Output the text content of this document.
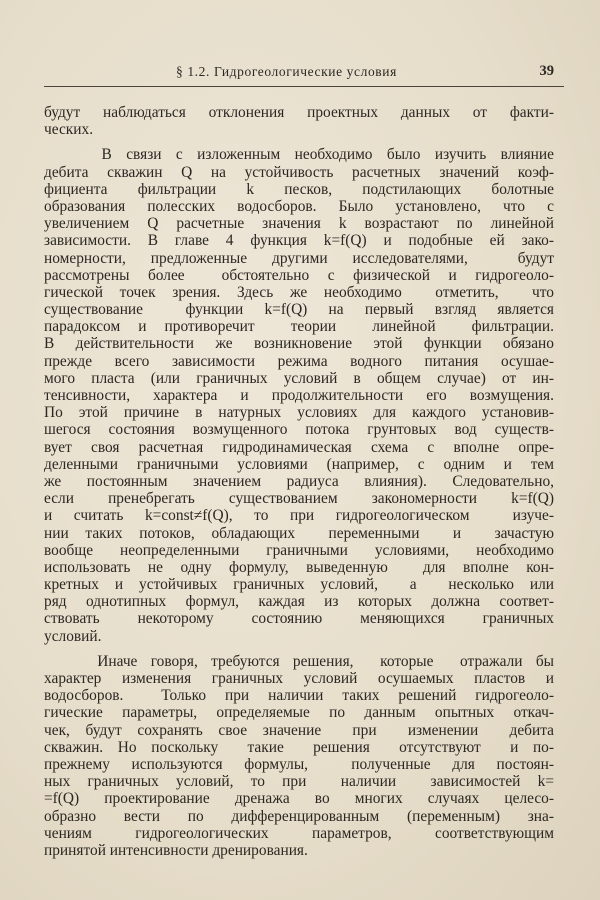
§ 1.2. Гидрогеологические условия	39
будут наблюдаться отклонения проектных данных от факти-
ческих.
В связи с изложенным необходимо было изучить влияние
дебита скважин Q на устойчивость расчетных значений коэф-
фициента  фильтрации  k  песков,  подстилающих  болотные
образования полесских водосборов. Было установлено, что с
увеличением Q расчетные значения k возрастают по линейной
зависимости. В главе 4 функция k=f(Q) и подобные ей зако-
номерности, предложенные другими исследователями,  будут
рассмотрены более  обстоятельно с физической и гидрогеоло-
гической точек зрения. Здесь же необходимо  отметить,  что
существование  функции k=f(Q) на первый взгляд является
парадоксом и противоречит  теории  линейной  фильтрации.
В действительности же возникновение этой функции обязано
прежде всего зависимости режима водного питания осушае-
мого пласта (или граничных условий в общем случае) от ин-
тенсивности, характера и продолжительности его возмущения.
По этой причине в натурных условиях для каждого установив-
шегося состояния возмущенного потока грунтовых вод существ-
вует своя расчетная гидродинамическая схема с вполне опре-
деленными граничными условиями (например, с одним и тем
же постоянным значением радиуса влияния). Следовательно,
если пренебрегать существованием закономерности k=f(Q)
и считать k=const≠f(Q), то при гидрогеологическом  изуче-
нии таких потоков, обладающих  переменными  и  зачастую
вообще неопределенными граничными условиями, необходимо
использовать не одну формулу, выведенную  для вполне кон-
кретных и устойчивых граничных условий,  а  несколько или
ряд однотипных формул, каждая из которых должна соответ-
ствовать  некоторому  состоянию  меняющихся  граничных
условий.
Иначе говоря, требуются решения,  которые  отражали бы
характер изменения граничных условий осушаемых пластов и
водосборов.  Только при наличии таких решений гидрогеоло-
гические параметры, определяемые по данным опытных откач-
чек, будут сохранять свое значение  при  изменении  дебита
скважин. Но поскольку  такие  решения  отсутствуют  и по-
прежнему используются формулы,  полученные для постоян-
ных граничных условий, то при  наличии  зависимостей k=
=f(Q) проектирование дренажа во многих случаях целесо-
образно вести по дифференцированным (переменным) зна-
чениям  гидрогеологических  параметров,  соответствующим
принятой интенсивности дренирования.
